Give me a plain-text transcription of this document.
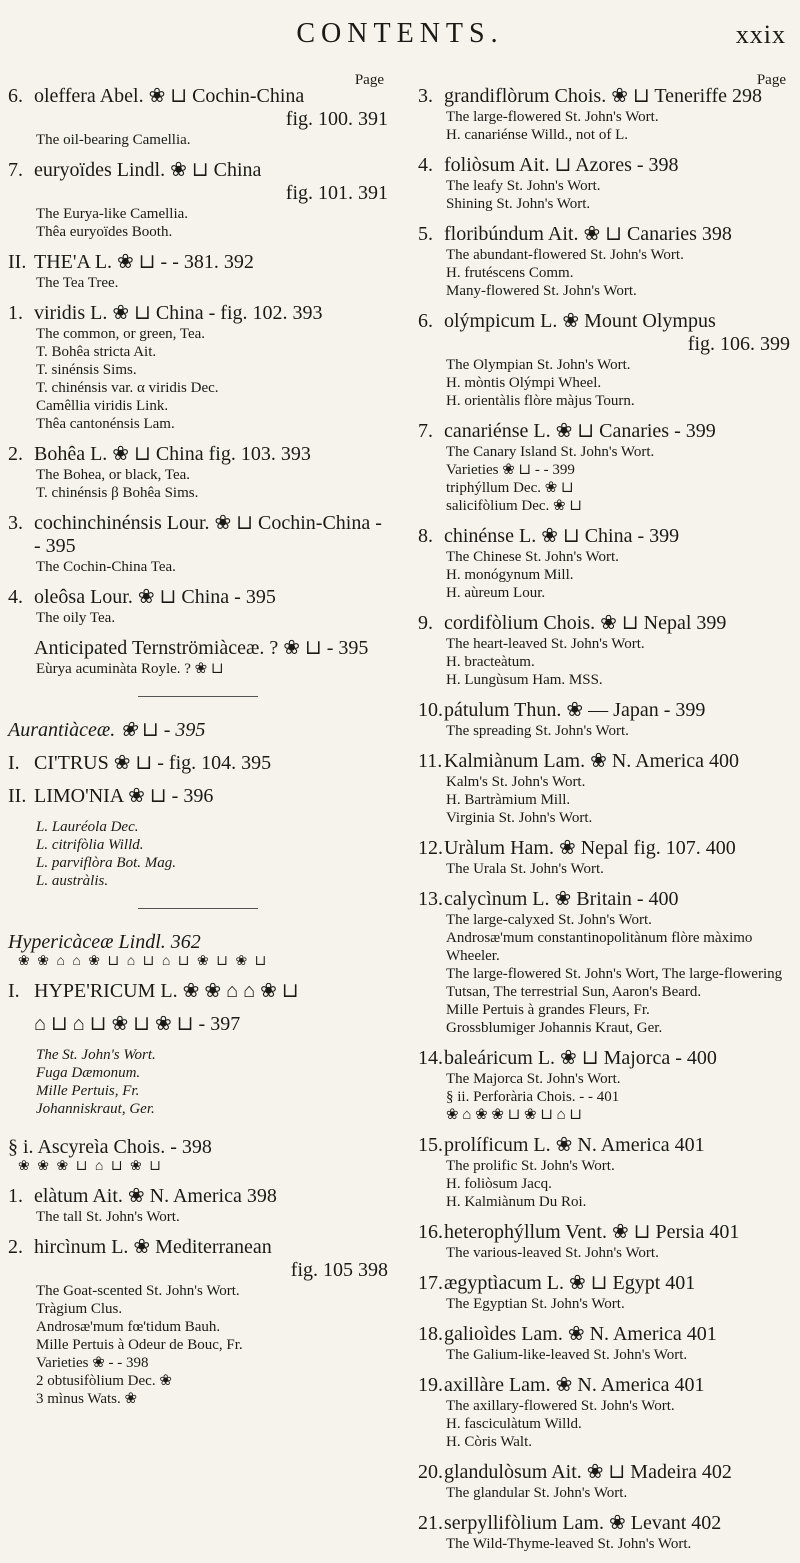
CONTENTS.	xxix
Page
6. oleffera Abel. ❀ ⊔ Cochin-China
fig. 100. 391
The oil-bearing Camellia.
7. euryoïdes Lindl. ❀ ⊔ China
fig. 101. 391
The Eurya-like Camellia.
Thêa euryoïdes Booth.
II. THE'A L. ❀ ⊔ - - 381. 392
The Tea Tree.
1. viridis L. ❀ ⊔ China - fig. 102. 393
The common, or green, Tea.
T. Bohêa stricta Ait.
T. sinénsis Sims.
T. chinénsis var. α viridis Dec.
Camêllia viridis Link.
Thêa cantonénsis Lam.
2. Bohêa L. ❀ ⊔ China fig. 103. 393
The Bohea, or black, Tea.
T. chinénsis β Bohêa Sims.
3. cochinchinénsis Lour. ❀ ⊔ Cochin-China - - 395
The Cochin-China Tea.
4. oleôsa Lour. ❀ ⊔ China - 395
The oily Tea.
Anticipated Ternströmiàceæ. ? ❀ ⊔ - 395
Eùrya acuminàta Royle. ? ❀ ⊔
Aurantiàceæ. ❀ ⊔ - 395
I. CI'TRUS ❀ ⊔ - fig. 104. 395
II. LIMO'NIA ❀ ⊔ - 396
L. Lauréola Dec.
L. citrifòlia Willd.
L. parviflòra Bot. Mag.
L. austràlis.
Hypericàceæ Lindl. 362
❀ ❀ ⌂ ⌂ ❀ ⊔ ⌂ ⊔ ⌂ ⊔ ❀ ⊔ ❀ ⊔
I. HYPE'RICUM L. ❀ ❀ ⌂ ⌂ ❀ ⊔
⌂ ⊔ ⌂ ⊔ ❀ ⊔ ❀ ⊔ - 397
The St. John's Wort.
Fuga Dæmonum.
Mille Pertuis, Fr.
Johanniskraut, Ger.
§ i. Ascyreìa Chois. - 398
❀ ❀ ❀ ⊔ ⌂ ⊔ ❀ ⊔
1. elàtum Ait. ❀ N. America 398
The tall St. John's Wort.
2. hircìnum L. ❀ Mediterranean
fig. 105 398
The Goat-scented St. John's Wort.
Tràgium Clus.
Androsæ'mum fœ'tidum Bauh.
Mille Pertuis à Odeur de Bouc, Fr.
Varieties ❀ - - 398
2 obtusifòlium Dec. ❀
3 mìnus Wats. ❀
Page
3. grandiflòrum Chois. ❀ ⊔ Teneriffe 298
The large-flowered St. John's Wort.
H. canariénse Willd., not of L.
4. foliòsum Ait. ⊔ Azores - 398
The leafy St. John's Wort.
Shining St. John's Wort.
5. floribúndum Ait. ❀ ⊔ Canaries 398
The abundant-flowered St. John's Wort.
H. frutéscens Comm.
Many-flowered St. John's Wort.
6. olýmpicum L. ❀ Mount Olympus
fig. 106. 399
The Olympian St. John's Wort.
H. mòntis Olýmpi Wheel.
H. orientàlis flòre màjus Tourn.
7. canariénse L. ❀ ⊔ Canaries - 399
The Canary Island St. John's Wort.
Varieties ❀ ⊔ - - 399
triphýllum Dec. ❀ ⊔
salicifòlium Dec. ❀ ⊔
8. chinénse L. ❀ ⊔ China - 399
The Chinese St. John's Wort.
H. monógynum Mill.
H. aùreum Lour.
9. cordifòlium Chois. ❀ ⊔ Nepal 399
The heart-leaved St. John's Wort.
H. bracteàtum.
H. Lungùsum Ham. MSS.
10. pátulum Thun. ❀ — Japan - 399
The spreading St. John's Wort.
11. Kalmiànum Lam. ❀ N. America 400
Kalm's St. John's Wort.
H. Bartràmium Mill.
Virginia St. John's Wort.
12. Uràlum Ham. ❀ Nepal fig. 107. 400
The Urala St. John's Wort.
13. calycìnum L. ❀ Britain - 400
The large-calyxed St. John's Wort.
Androsæ'mum constantinopolitànum flòre màximo Wheeler.
The large-flowered St. John's Wort, The large-flowering Tutsan, The terrestrial Sun, Aaron's Beard.
Mille Pertuis à grandes Fleurs, Fr.
Grossblumiger Johannis Kraut, Ger.
14. baleáricum L. ❀ ⊔ Majorca - 400
The Majorca St. John's Wort.
§ ii. Perforària Chois. - - 401
❀ ⌂ ❀ ❀ ⊔ ❀ ⊔ ⌂ ⊔
15. prolíficum L. ❀ N. America 401
The prolific St. John's Wort.
H. foliòsum Jacq.
H. Kalmiànum Du Roi.
16. heterophýllum Vent. ❀ ⊔ Persia 401
The various-leaved St. John's Wort.
17. ægyptìacum L. ❀ ⊔ Egypt 401
The Egyptian St. John's Wort.
18. galioìdes Lam. ❀ N. America 401
The Galium-like-leaved St. John's Wort.
19. axillàre Lam. ❀ N. America 401
The axillary-flowered St. John's Wort.
H. fasciculàtum Willd.
H. Còris Walt.
20. glandulòsum Ait. ❀ ⊔ Madeira 402
The glandular St. John's Wort.
21. serpyllifòlium Lam. ❀ Levant 402
The Wild-Thyme-leaved St. John's Wort.
